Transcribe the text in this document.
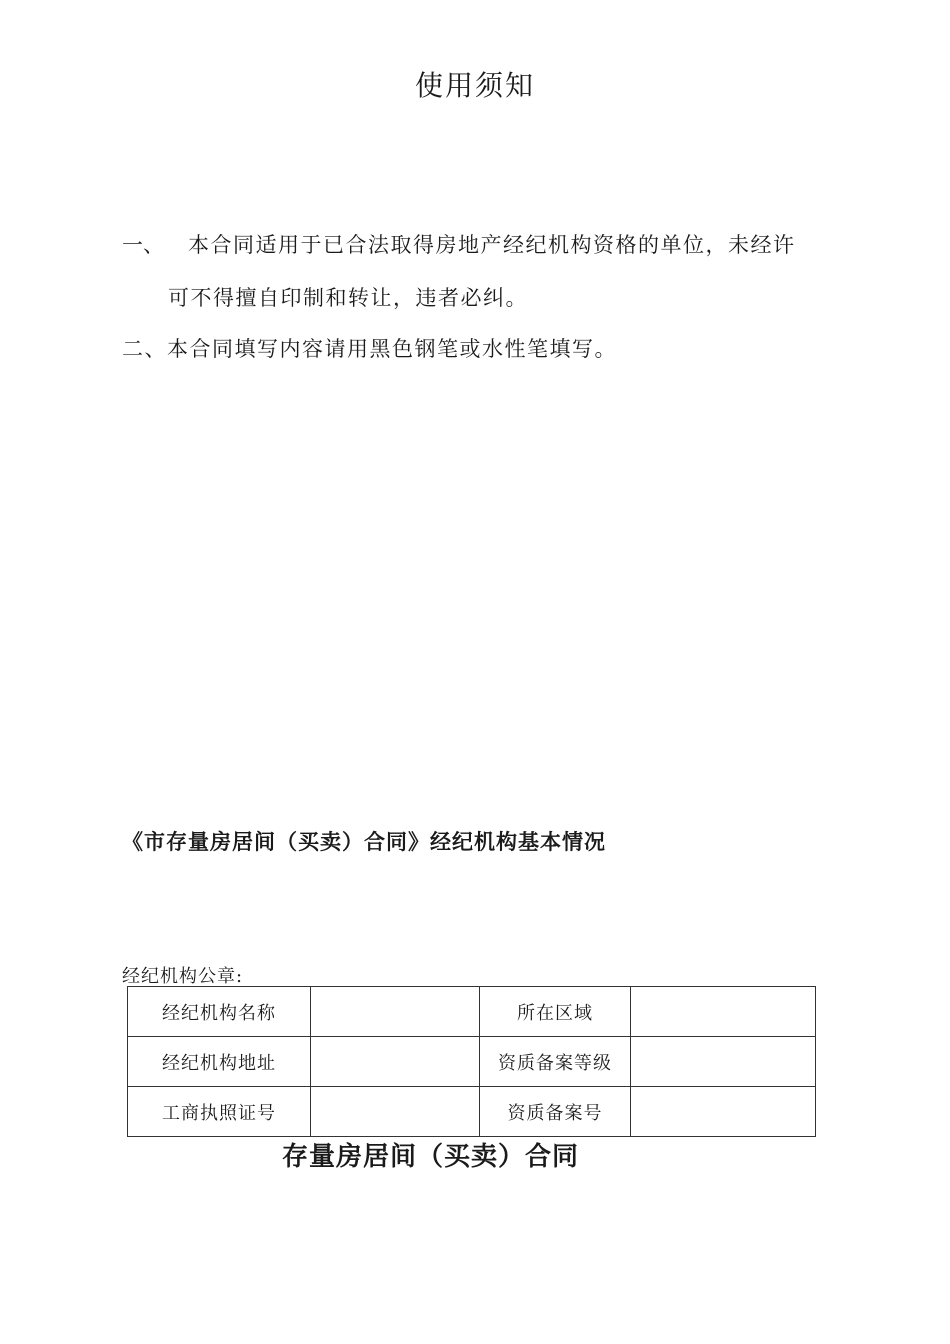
使用须知
一、 本合同适用于已合法取得房地产经纪机构资格的单位，未经许
可不得擅自印制和转让，违者必纠。
二、本合同填写内容请用黑色钢笔或水性笔填写。
《市存量房居间（买卖）合同》经纪机构基本情况
经纪机构公章:
经纪机构名称		所在区域	
经纪机构地址		资质备案等级	
工商执照证号		资质备案号	
存量房居间（买卖）合同
